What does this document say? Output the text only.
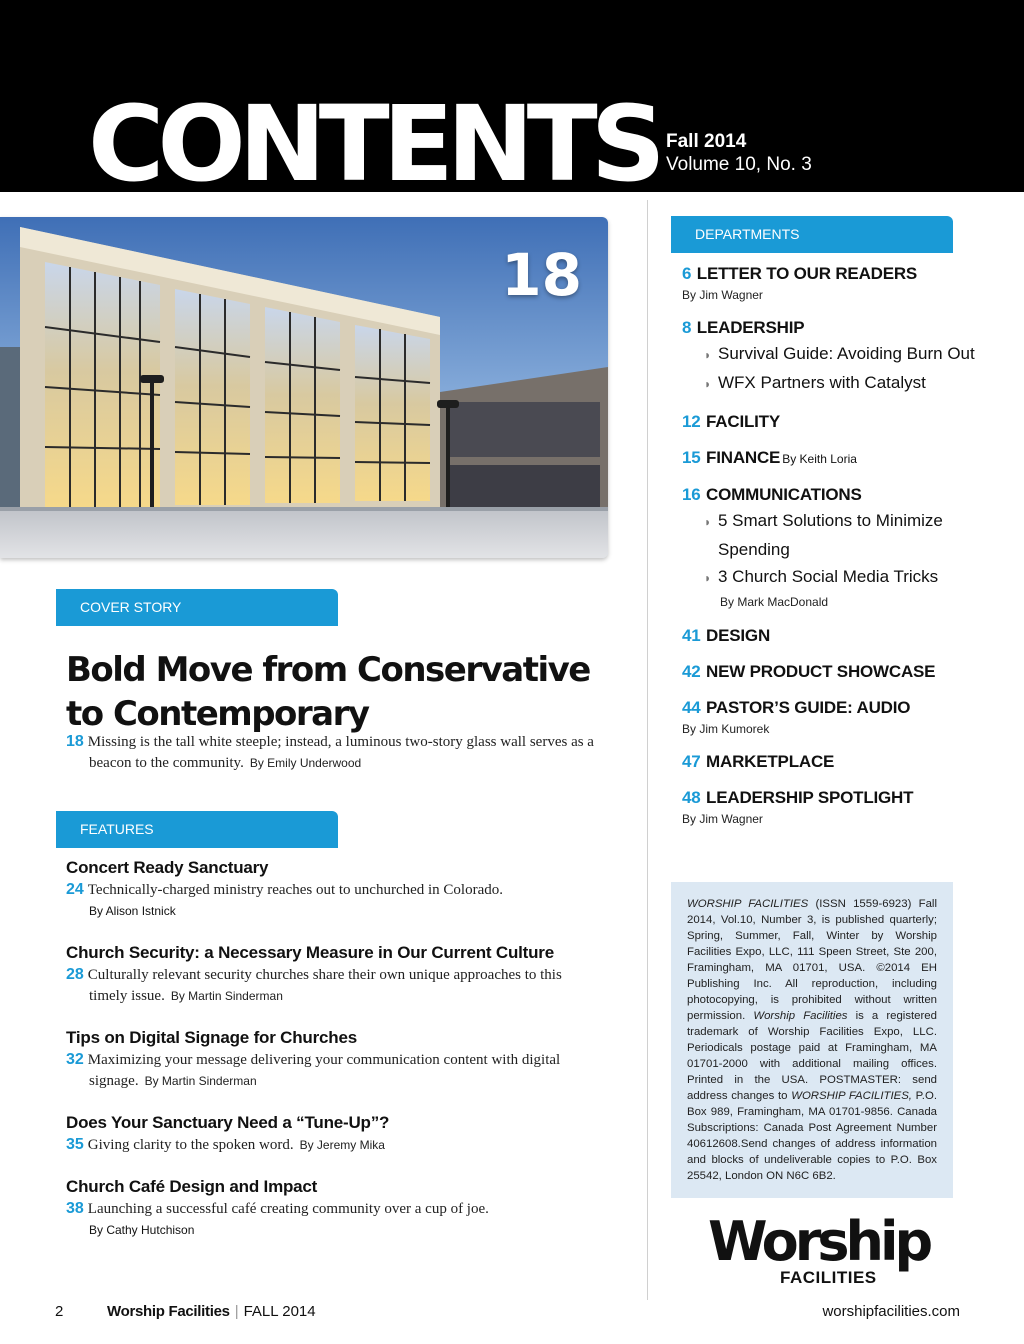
CONTENTS Fall 2014
Volume 10, No. 3
18
COVER STORY
Bold Move from Conservative to Contemporary
18 Missing is the tall white steeple; instead, a luminous two-story glass wall serves as a beacon to the community. By Emily Underwood
FEATURES
Concert Ready Sanctuary
24 Technically-charged ministry reaches out to unchurched in Colorado.
By Alison Istnick
Church Security: a Necessary Measure in Our Current Culture
28 Culturally relevant security churches share their own unique approaches to this timely issue. By Martin Sinderman
Tips on Digital Signage for Churches
32 Maximizing your message delivering your communication content with digital signage. By Martin Sinderman
Does Your Sanctuary Need a “Tune-Up”?
35 Giving clarity to the spoken word. By Jeremy Mika
Church Café Design and Impact
38 Launching a successful café creating community over a cup of joe.
By Cathy Hutchison
DEPARTMENTS
6 LETTER TO OUR READERS
By Jim Wagner
8 LEADERSHIP
◗ Survival Guide: Avoiding Burn Out
◗ WFX Partners with Catalyst
12 FACILITY
15 FINANCE By Keith Loria
16 COMMUNICATIONS
◗ 5 Smart Solutions to Minimize Spending
◗ 3 Church Social Media Tricks
By Mark MacDonald
41 DESIGN
42 NEW PRODUCT SHOWCASE
44 PASTOR’S GUIDE: AUDIO
By Jim Kumorek
47 MARKETPLACE
48 LEADERSHIP SPOTLIGHT
By Jim Wagner
WORSHIP FACILITIES (ISSN 1559-6923) Fall 2014, Vol.10, Number 3, is published quarterly; Spring, Summer, Fall, Winter by Worship Facilities Expo, LLC, 111 Speen Street, Ste 200, Framingham, MA 01701, USA. ©2014 EH Publishing Inc. All reproduction, including photocopying, is prohibited without written permission. Worship Facilities is a registered trademark of Worship Facilities Expo, LLC. Periodicals postage paid at Framingham, MA 01701-2000 with additional mailing offices. Printed in the USA. POSTMASTER: send address changes to WORSHIP FACILITIES, P.O. Box 989, Framingham, MA 01701-9856. Canada Subscriptions: Canada Post Agreement Number 40612608.Send changes of address information and blocks of undeliverable copies to P.O. Box 25542, London ON N6C 6B2.
Worship
FACILITIES
2	Worship Facilities | FALL 2014	worshipfacilities.com
